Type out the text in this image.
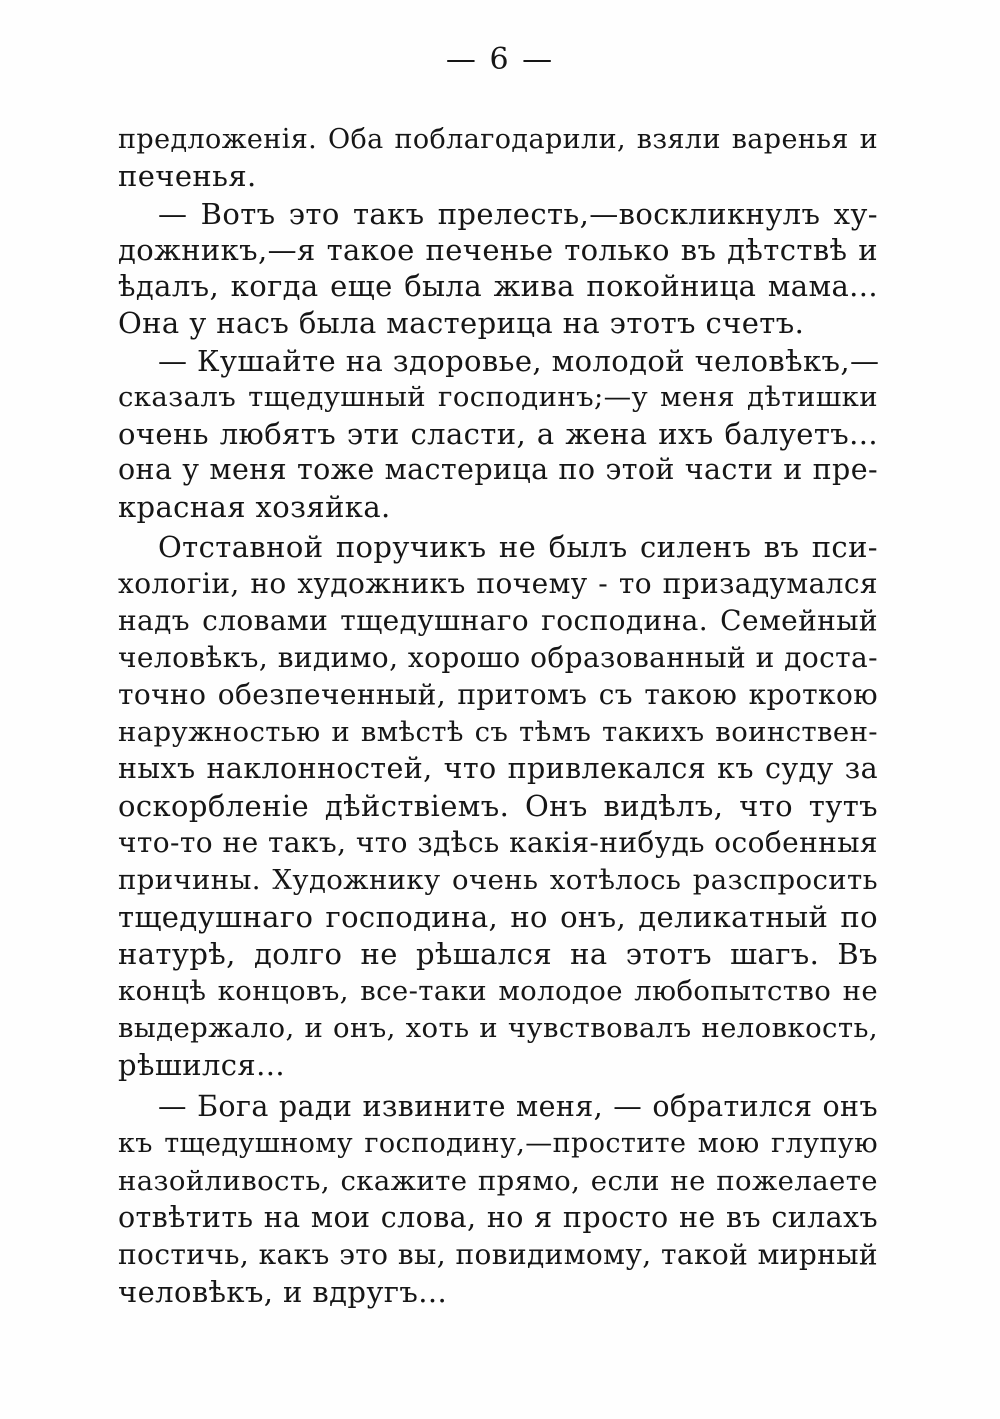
— 6 —
предложенія. Оба поблагодарили, взяли варенья и
печенья.
— Вотъ это такъ прелесть,—воскликнулъ ху-
дожникъ,—я такое печенье только въ дѣтствѣ и
ѣдалъ, когда еще была жива покойница мама...
Она у насъ была мастерица на этотъ счетъ.
— Кушайте на здоровье, молодой человѣкъ,—
сказалъ тщедушный господинъ;—у меня дѣтишки
очень любятъ эти сласти, а жена ихъ балуетъ...
она у меня тоже мастерица по этой части и пре-
красная хозяйка.
Отставной поручикъ не былъ силенъ въ пси-
хологіи, но художникъ почему - то призадумался
надъ словами тщедушнаго господина. Семейный
человѣкъ, видимо, хорошо образованный и доста-
точно обезпеченный, притомъ съ такою кроткою
наружностью и вмѣстѣ съ тѣмъ такихъ воинствен-
ныхъ наклонностей, что привлекался къ суду за
оскорбленіе дѣйствіемъ. Онъ видѣлъ, что тутъ
что-то не такъ, что здѣсь какія-нибудь особенныя
причины. Художнику очень хотѣлось разспросить
тщедушнаго господина, но онъ, деликатный по
натурѣ, долго не рѣшался на этотъ шагъ. Въ
концѣ концовъ, все-таки молодое любопытство не
выдержало, и онъ, хоть и чувствовалъ неловкость,
рѣшился...
— Бога ради извините меня, — обратился онъ
къ тщедушному господину,—простите мою глупую
назойливость, скажите прямо, если не пожелаете
отвѣтить на мои слова, но я просто не въ силахъ
постичь, какъ это вы, повидимому, такой мирный
человѣкъ, и вдругъ...
